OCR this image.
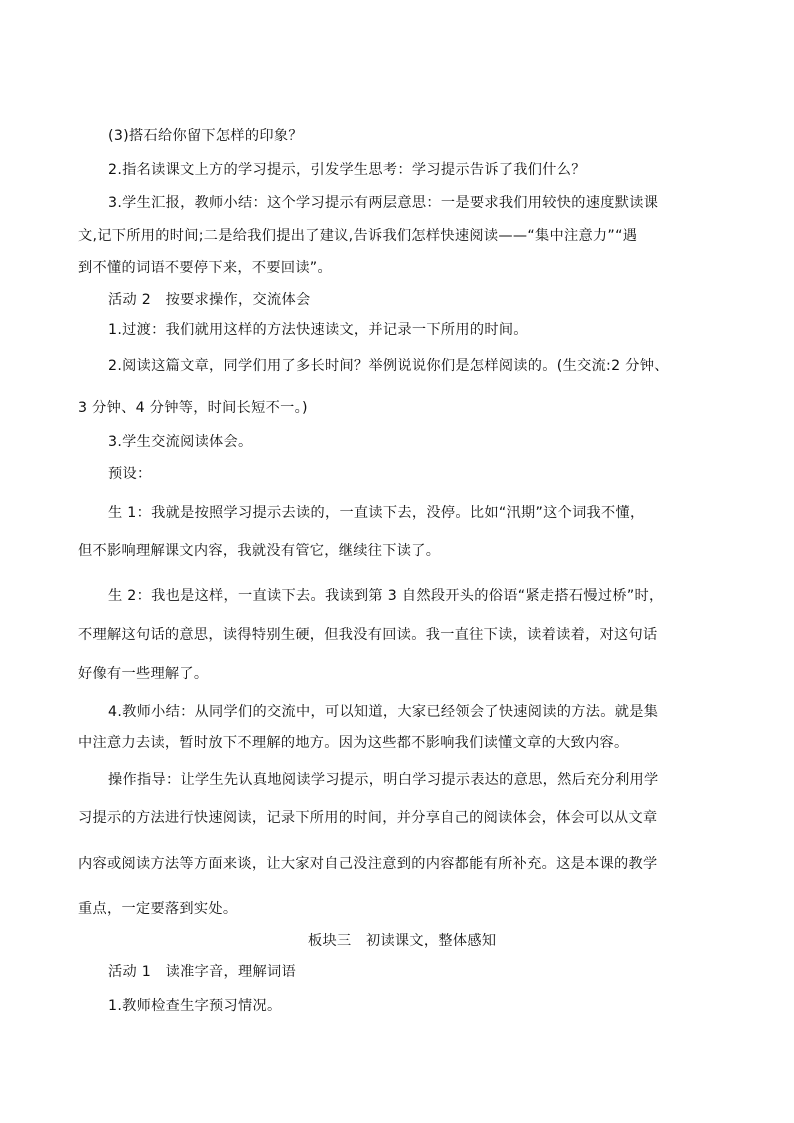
(3)搭石给你留下怎样的印象？
2.指名读课文上方的学习提示，引发学生思考：学习提示告诉了我们什么？
3.学生汇报，教师小结：这个学习提示有两层意思：一是要求我们用较快的速度默读课
文,记下所用的时间;二是给我们提出了建议,告诉我们怎样快速阅读——“集中注意力”“遇
到不懂的词语不要停下来，不要回读”。
活动 2　按要求操作，交流体会
1.过渡：我们就用这样的方法快速读文，并记录一下所用的时间。
2.阅读这篇文章，同学们用了多长时间？举例说说你们是怎样阅读的。(生交流:2 分钟、
3 分钟、4 分钟等，时间长短不一。)
3.学生交流阅读体会。
预设：
生 1：我就是按照学习提示去读的，一直读下去，没停。比如“汛期”这个词我不懂，
但不影响理解课文内容，我就没有管它，继续往下读了。
生 2：我也是这样，一直读下去。我读到第 3 自然段开头的俗语“紧走搭石慢过桥”时，
不理解这句话的意思，读得特别生硬，但我没有回读。我一直往下读，读着读着，对这句话
好像有一些理解了。
4.教师小结：从同学们的交流中，可以知道，大家已经领会了快速阅读的方法。就是集
中注意力去读，暂时放下不理解的地方。因为这些都不影响我们读懂文章的大致内容。
操作指导：让学生先认真地阅读学习提示，明白学习提示表达的意思，然后充分利用学
习提示的方法进行快速阅读，记录下所用的时间，并分享自己的阅读体会，体会可以从文章
内容或阅读方法等方面来谈，让大家对自己没注意到的内容都能有所补充。这是本课的教学
重点，一定要落到实处。
板块三　初读课文，整体感知
活动 1　读准字音，理解词语
1.教师检查生字预习情况。
